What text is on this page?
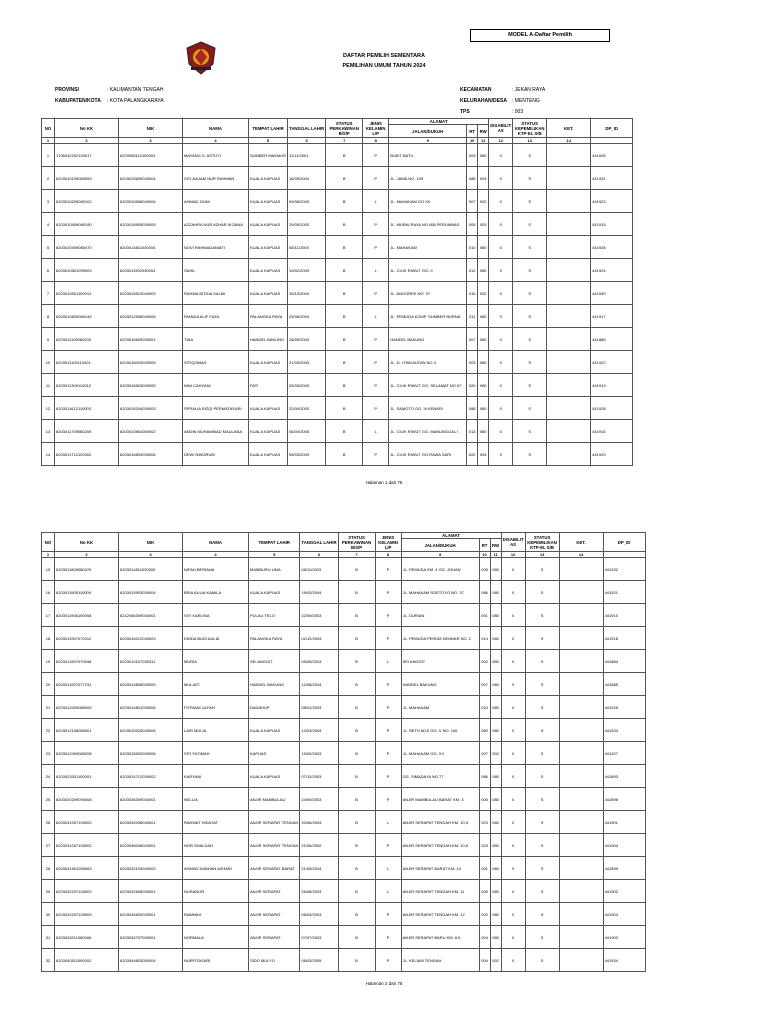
MODEL A-Daftar Pemilih
DAFTAR PEMILIH SEMENTARA
PEMILIHAN UMUM TAHUN 2024
PROVINSI	: KALIMANTAN TENGAH
KABUPATEN/KOTA : KOTA PALANGKARAYA
KECAMATAN	: JEKAN RAYA
KELURAHAN/DESA : MENTENG
TPS	: 003
NO	No KK	NIK	NAMA	TEMPAT LAHIR	TANGGAL LAHIR	STATUS PERKAWINAN B/S/P	JENIS KELAMIN L/P	ALAMAT			DISABILIT AS	STATUS KEPEMILIKAN KTP-EL S/B	KET.	DP_ID
								JALAN/DUKUH	RT	RW				
1	2	3	4	5	6	7	8	9	10	11	12	13	14	
1	1706042202100017	6203055110100003	MAYANG S. ASTUTI	SUMBER MAKMUR	11/11/2001	B	P	BUKIT BATU	003	080	0	S		441906
2	6203010109080553	6203015609040004	SITI NAJAM NUR RAHMAN	KUALA KAPUAS	16/09/2004	B	P	JL. JAWA NO. 109	088	004	0	S		441931
3	6203010209080102	6203010908040004	AHMAD ZAINI	KUALA KAPUAS	09/08/2003	B	L	JL. MAHAKAM GG.XII	007	002	0	S		441923
4	6203010409080190	6203016905030005	AZZAHRA NUR AZHAR IKOANA	KUALA KAPUAS	29/05/2003	B	P	JL. MURAI RAYA NO 408 PERUMNAS	005	003	0	S		441915
5	6203010409080470	6203014811030004	NOVI RAHMADANIATI	KUALA KAPUAS	08/11/2003	B	P	JL. MAHAKAM	010	080	0	S		441926
6	6203010501090003	6203011902030004	SAHIL	KUALA KAPUAS	19/02/2003	B	L	JL. CILIK RIWUT GG. II	012	080	0	S		441924
7	6203010501100012	6203015510040003	RAHMA BITDIA SALMI	KUALA KAPUAS	15/10/2004	B	P	JL. ANGGREK NO. 37	015	002	0	S		441930
8	6203010609080149	6203012906040006	RIANDA ALIF FAZA	PALANGKA RAYA	29/06/2004	B	L	JL. PEMUDA KOMP. SUMBER BURNA	011	080	0	S		441917
9	6203011109080205	6203016609030001	TINA	HANDEL BAKUNG	26/09/2003	B	P	HANDEL BAKUNG	007	080	0	S		441886
10	6203011109110001	6203016003030005	SITIQOMAH	KUALA KAPUAS	21/03/2003	B	P	JL. D. I PANJAITAN NO 3	003	080	0	S		441922
11	6203011309110012	6203016503030005	NINI CAHYANI	PATI	25/03/2003	B	P	JL. CILIK RIWUT GG. SELAMAT NO 67	020	080	0	S		441919
12	6203011612110003	6203016204030003	SPRALIA RIZQI PERMATASARI	KUALA KAPUAS	22/04/2003	B	P	JL. SAMOTO GG. III KENARI	088	080	0	S		441928
13	6203011709080205	6203010804050002	ANDIN MUHAMMAD MAULANA	KUALA KAPUAS	08/04/2005	B	L	JL. CILIK RIWUT GG. MANUNGGAL I	013	080	0	S		441916
14	6203011712120002	6203016603030006	DEWI NINGRUM	KUALA KAPUAS	05/03/2003	B	P	JL. CILIK RIWUT GG.RAWA SARI	022	004	0	S		441929
Halaman 1 dari 75
NO	No KK	NIK	NAMA	TEMPAT LAHIR	TANGGAL LAHIR	STATUS PERKAWINAN B/S/P	JENIS KELAMIN L/P	ALAMAT			DISABILIT AS	STATUS KEPEMILIKAN KTP-EL S/B	KET.	DP_ID
								JALAN/DUKUH	RT	RW				
1	2	3	4	5	6	7	8	9	10	11	12	13	14	
15	6203011809080476	6203014811030005	NIFAH BERIANA	MAMBURU UMA	08/11/2003	B	P	JL. PEMUDA KM. 4 GG. JOHAN	005	080	0	S		441932
16	6203011905110009	6203015903030004	BRIA AULIA KAMILA	KUALA KAPUAS	19/03/2004	B	P	JL. MAHAKAM SOETOYO NO. 37	086	080	0	S		441921
17	6203011906190008	6212056309030001	SITI KARLINA	PULAU TELO	22/09/2003	B	P	JL. DURIAN	001	080	0	S		441910
18	6203011907072012	6203016212040003	DINDA BUDI AULIA	PALANGKA RAYA	02/12/2004	B	P	JL. PEMUDA PERUM DENNAR NO. 1	014	080	0	S		441918
19	6203011907070048	6203010107030311	MURIA	SEI ANGGIT	05/05/2003	B	L	SEI ANGGIT	002	080	0	S		441884
20	6203011907077231	6203014808030005	MULIATI	HANDEL BAKUNG	12/08/2004	B	P	HANDEL BAKUNG	007	080	0	S		441885
21	6203012009080000	6203014801030006	FITRIANI ULFAH	DADAHUP	08/01/2003	B	P	JL. MAHAKAM	010	080	0	S		441925
22	6203012108080001	6203015203040006	LAIR MULIA	KUALA KAPUAS	12/03/2004	B	P	JL. SETH ADJI GG. V NO. 106	060	080	0	S		441933
23	6203012409080208	6203015902030006	SITI FATIMAH	KAPUAS	19/02/2003	B	P	JL. MAHAKAM GG. XII	007	002	0	S		441927
24	6203022001100001	6203024712030002	KARYANI	KUALA KAPUAS	07/12/2003	B	P	GG. SIMADAYA NO.77	086	080	0	S		441893
25	6203020209090008	6203036309030001	NELLIA	ANJIR MAMBULAU	24/09/2003	B	P	ANJIR MAMBULAU BARAT KM. 3	005	080	0	S		441898
26	6203031007100002	6203032006040001	RAHMAT HIDAYAT	ANJIR SERAPAT TENGAH	20/06/2004	B	L	ANJIR SERAPAT TENGAH KM. 10,5	023	080	0	S		441901
27	6203031007100002	6203036006020001	NOR SHALDAH	ANJIR SERAPAT TENGAH	21/06/2002	B	P	ANJIR SERAPAT TENGAH KM. 10,5	023	080	0	S		441904
28	6203031901090063	6203032109040003	AHMAD NABHAN AZHARI	ANJIR SERAPAT BARAT	21/09/2004	B	L	ANJIR SERAPAT BARAT KM. 10	001	080	0	S		441899
29	6203032207100003	6203032608030001	NURANOR	ANJIR SERAPAT	26/08/2003	B	L	ANJIR SERAPAT TENGAH KM. 11	005	080	0	S		441902
30	6203032207100009	6203034603030001	RAMNAH	ANJIR SERAPAT	06/03/2003	B	P	ANJIR SERAPAT TENGAH KM. 12	002	080	0	S		441903
31	6203033211080006	6203034707030001	NORMALA	ANJIR SERAPAT	07/07/2003	B	P	ANJIR SERAPAT BARU KM. 8,5	004	080	0	S		441900
32	6203040511090002	6203044603050004	NURFITASARI	SIDO MULYO	06/03/2005	B	P	JL. KELAMI TENGAH	004	002	0	S		441934
Halaman 2 dari 75
